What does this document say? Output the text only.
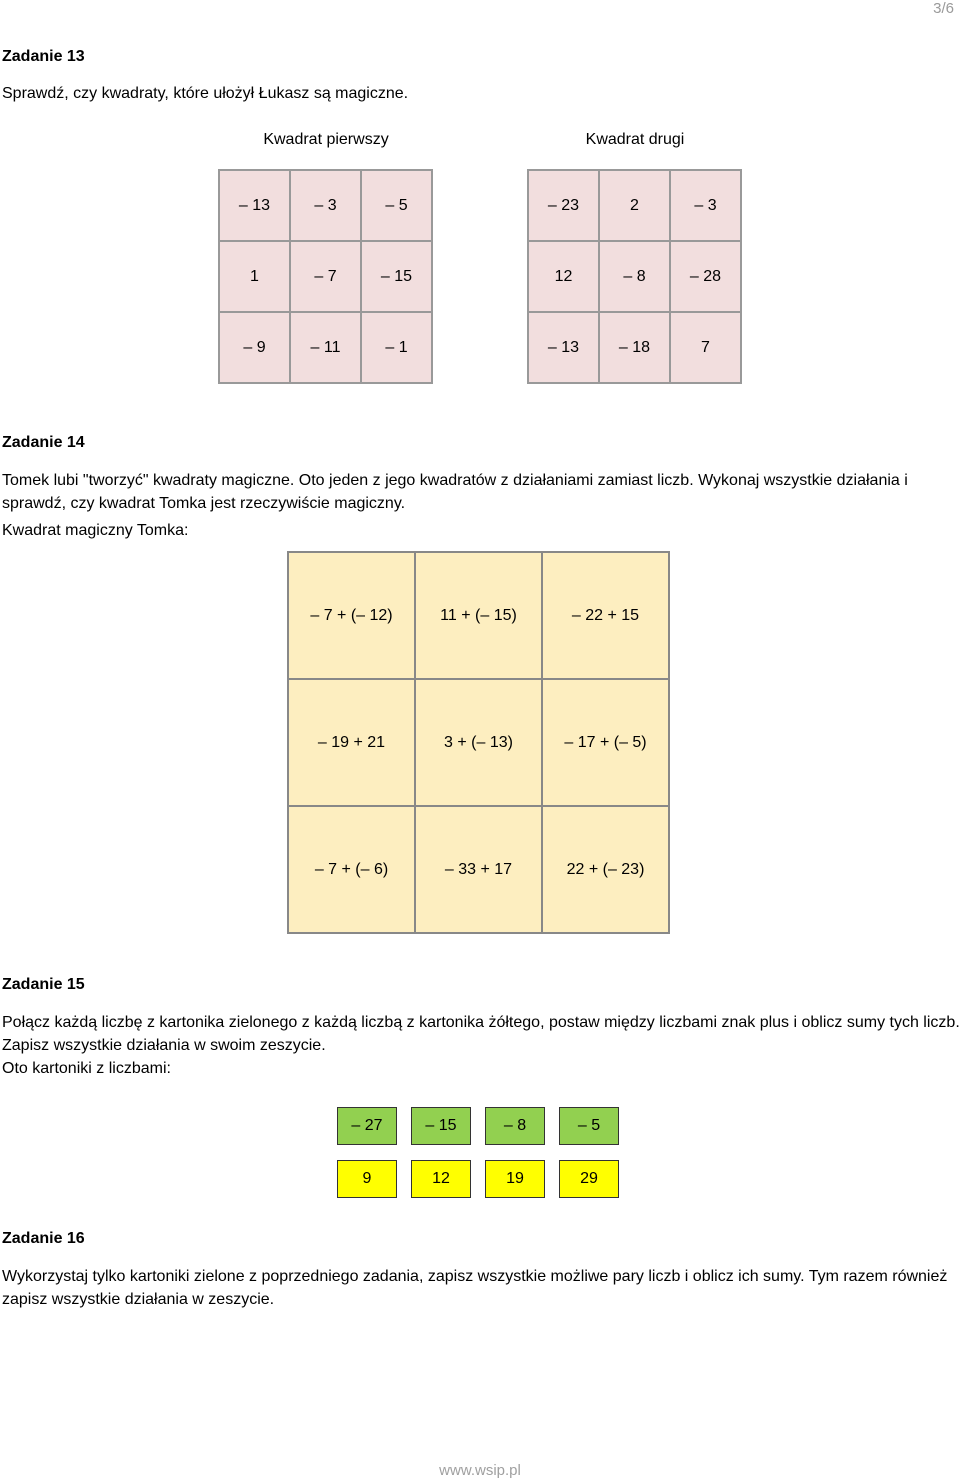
3/6
Zadanie 13
Sprawdź, czy kwadraty, które ułożył Łukasz są magiczne.
Kwadrat pierwszy	Kwadrat drugi
– 13	– 3	– 5
1	– 7	– 15
– 9	– 11	– 1
– 23	2	– 3
12	– 8	– 28
– 13	– 18	7
Zadanie 14
Tomek lubi "tworzyć" kwadraty magiczne. Oto jeden z jego kwadratów z działaniami zamiast liczb. Wykonaj wszystkie działania i sprawdź, czy kwadrat Tomka jest rzeczywiście magiczny.
Kwadrat magiczny Tomka:
– 7 + (– 12)	11 + (– 15)	– 22 + 15
– 19 + 21	3 + (– 13)	– 17 + (– 5)
– 7 + (– 6)	– 33 + 17	22 + (– 23)
Zadanie 15
Połącz każdą liczbę z kartonika zielonego z każdą liczbą z kartonika żółtego, postaw między liczbami znak plus i oblicz sumy tych liczb. Zapisz wszystkie działania w swoim zeszycie.
Oto kartoniki z liczbami:
– 27	– 15	– 8	– 5
9	12	19	29
Zadanie 16
Wykorzystaj tylko kartoniki zielone z poprzedniego zadania, zapisz wszystkie możliwe pary liczb i oblicz ich sumy. Tym razem również zapisz wszystkie działania w zeszycie.
www.wsip.pl
